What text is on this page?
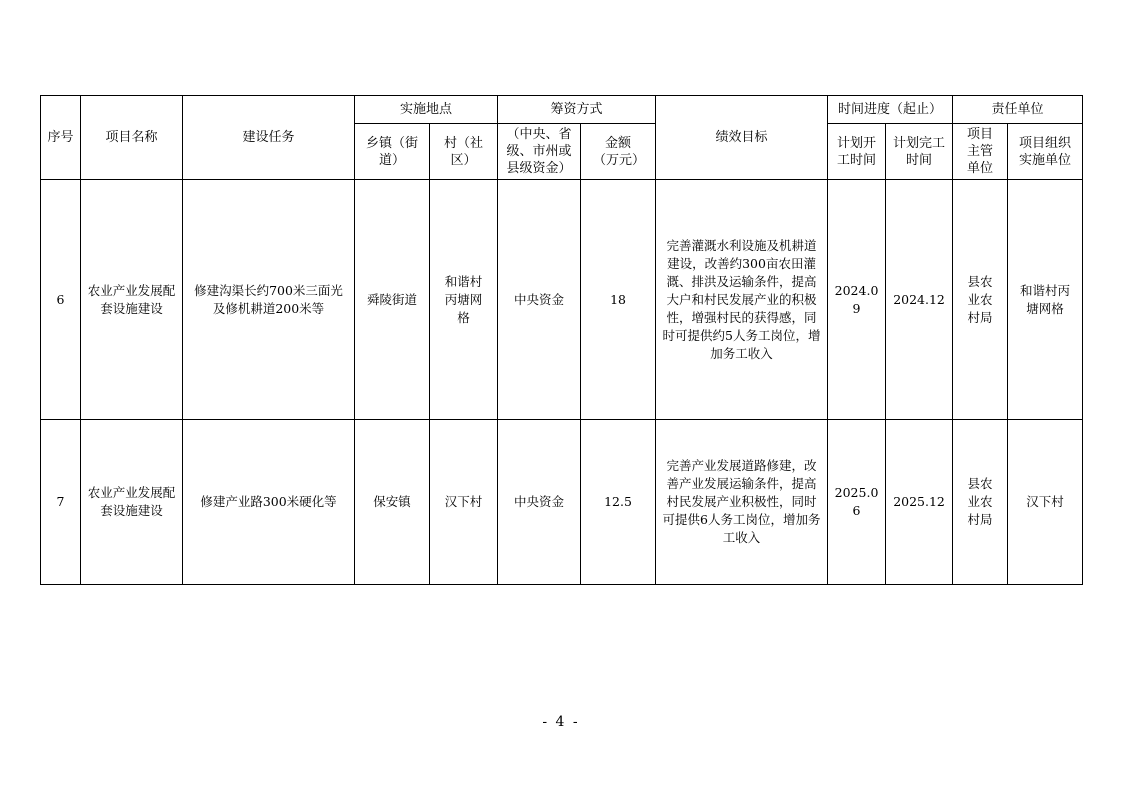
序号	项目名称	建设任务	实施地点		筹资方式		绩效目标	时间进度（起止）		责任单位	

			乡镇（街道）	村（社区）	（中央、省级、市州或县级资金）	金额（万元）		计划开工时间	计划完工时间	项目主管单位	项目组织实施单位

6	农业产业发展配套设施建设	修建沟渠长约700米三面光及修机耕道200米等	舜陵街道	和谐村丙塘网格	中央资金	18	完善灌溉水利设施及机耕道建设，改善约300亩农田灌溉、排洪及运输条件，提高大户和村民发展产业的积极性，增强村民的获得感，同时可提供约5人务工岗位，增加务工收入	2024.09	2024.12	县农业农村局	和谐村丙塘网格

7	农业产业发展配套设施建设	修建产业路300米硬化等	保安镇	汉下村	中央资金	12.5	完善产业发展道路修建，改善产业发展运输条件，提高村民发展产业积极性，同时可提供6人务工岗位，增加务工收入	2025.06	2025.12	县农业农村局	汉下村
- 4 -
